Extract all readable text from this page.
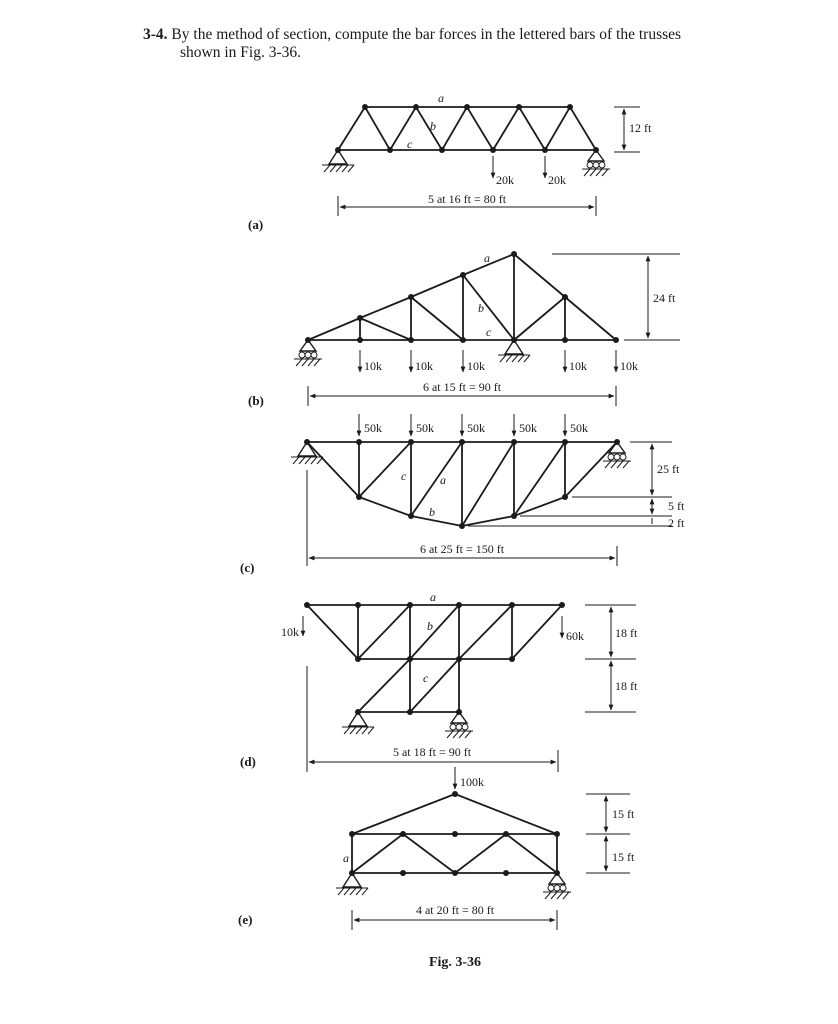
3-4. By the method of section, compute the bar forces in the lettered bars of the trusses
shown in Fig. 3-36.
20k	20k
a
b
c
5 at 16 ft = 80 ft
12 ft
(a)
10k	10k	10k	10k	10k
a
b
c
6 at 15 ft = 90 ft
24 ft
(b)
50k	50k	50k	50k	50k
a
b
c
6 at 25 ft = 150 ft
25 ft
5 ft
2 ft
(c)
10k	60k
a
b
c
5 at 18 ft = 90 ft
18 ft
18 ft
(d)
100k
a
4 at 20 ft = 80 ft
15 ft
15 ft
(e)
Fig. 3-36
